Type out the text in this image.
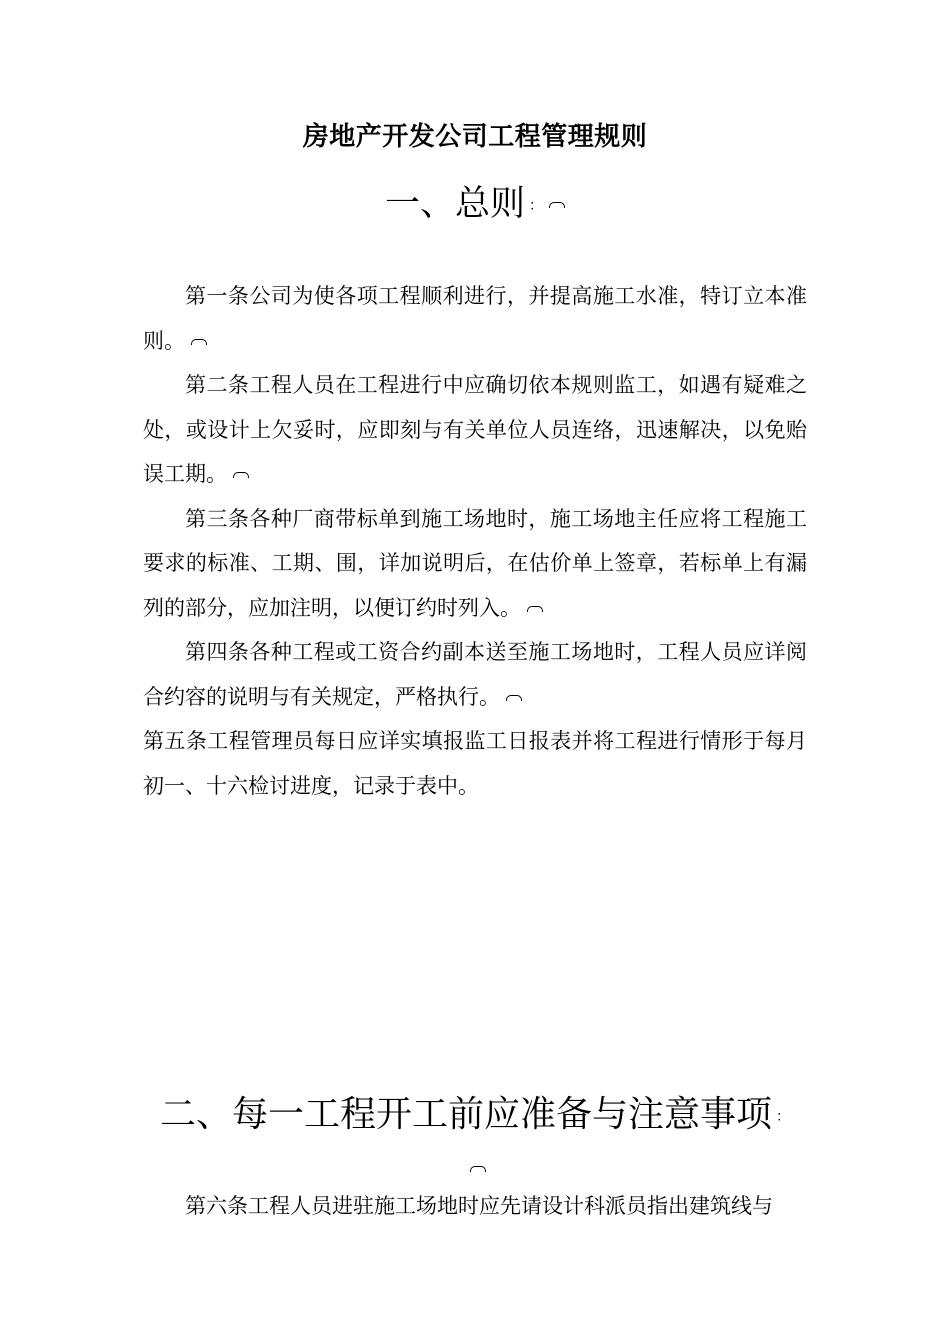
房地产开发公司工程管理规则
一、总则 ：

第一条公司为使各项工程顺利进行，并提高施工水准，特订立本准则。

第二条工程人员在工程进行中应确切依本规则监工，如遇有疑难之处，或设计上欠妥时，应即刻与有关单位人员连络，迅速解决，以免贻误工期。

第三条各种厂商带标单到施工场地时，施工场地主任应将工程施工要求的标准、工期、围，详加说明后，在估价单上签章，若标单上有漏列的部分，应加注明，以便订约时列入。

第四条各种工程或工资合约副本送至施工场地时，工程人员应详阅合约容的说明与有关规定，严格执行。

第五条工程管理员每日应详实填报监工日报表并将工程进行情形于每月初一、十六检讨进度，记录于表中。

二、每一工程开工前应准备与注意事项 ：

第六条工程人员进驻施工场地时应先请设计科派员指出建筑线与
